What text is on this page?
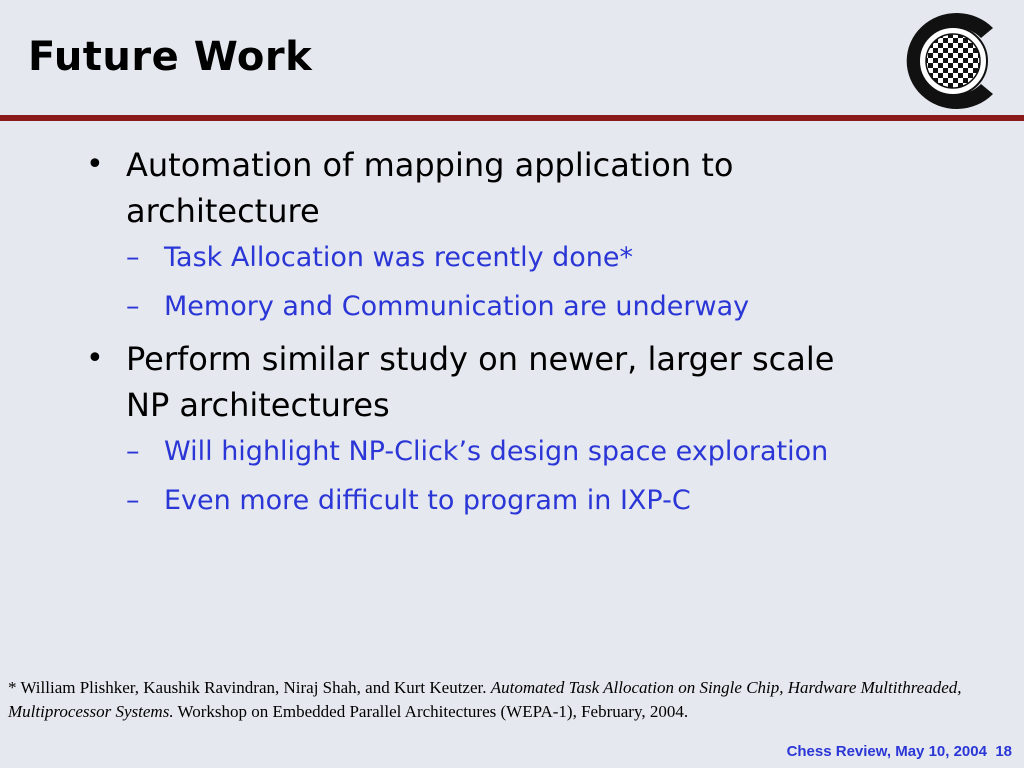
Future Work
• Automation of mapping application to architecture
– Task Allocation was recently done*
– Memory and Communication are underway
• Perform similar study on newer, larger scale NP architectures
– Will highlight NP-Click’s design space exploration
– Even more difficult to program in IXP-C
* William Plishker, Kaushik Ravindran, Niraj Shah, and Kurt Keutzer. Automated Task Allocation on Single Chip, Hardware Multithreaded, Multiprocessor Systems. Workshop on Embedded Parallel Architectures (WEPA-1), February, 2004.
Chess Review, May 10, 2004 18
